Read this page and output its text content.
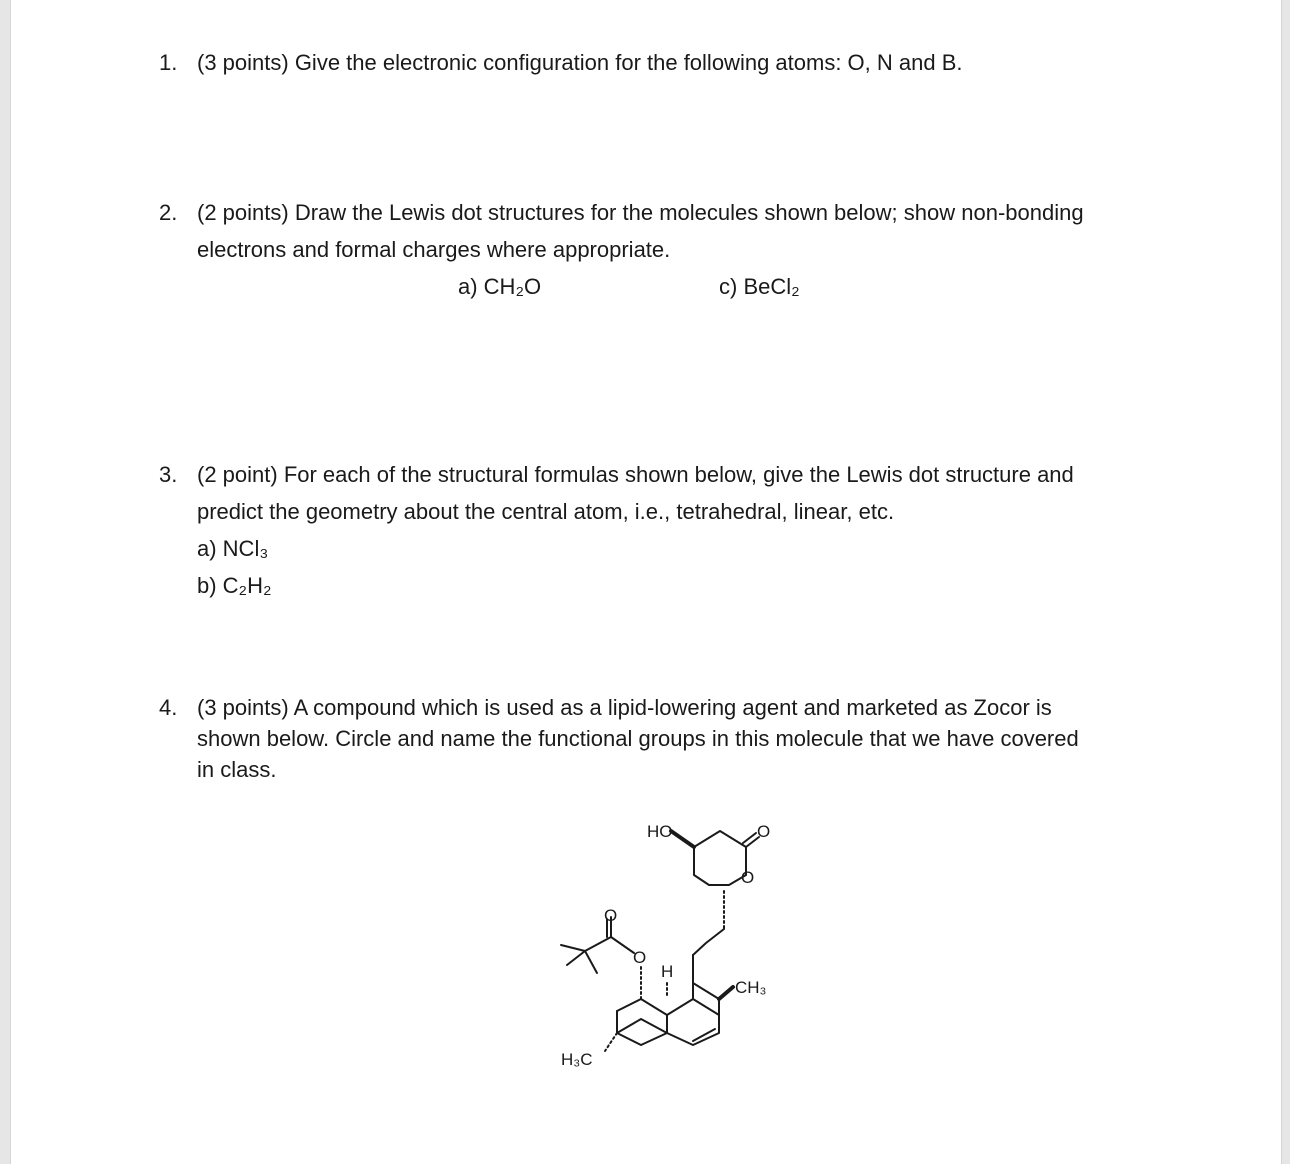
1. (3 points) Give the electronic configuration for the following atoms: O, N and B.
2. (2 points) Draw the Lewis dot structures for the molecules shown below; show non-bonding
electrons and formal charges where appropriate.
a) CH₂O	c) BeCl₂
3. (2 point) For each of the structural formulas shown below, give the Lewis dot structure and
predict the geometry about the central atom, i.e., tetrahedral, linear, etc.
a) NCl₃
b) C₂H₂
4. (3 points) A compound which is used as a lipid-lowering agent and marketed as Zocor is
shown below. Circle and name the functional groups in this molecule that we have covered
in class.
HO	O
O
O
O
H
CH₃
H₃C
